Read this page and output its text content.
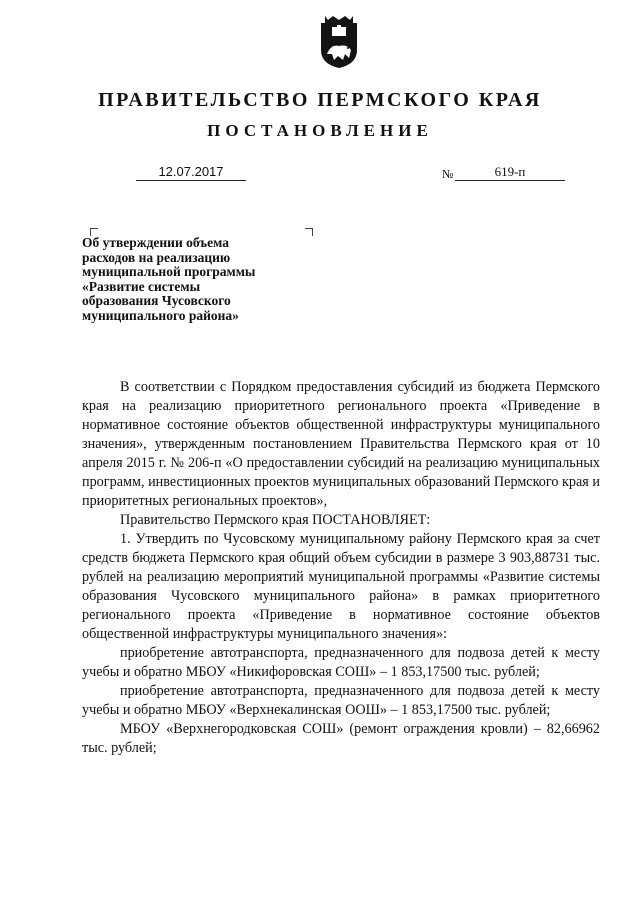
ПРАВИТЕЛЬСТВО ПЕРМСКОГО КРАЯ
ПОСТАНОВЛЕНИЕ
12.07.2017	№	619-п

Об утверждении объема
расходов на реализацию
муниципальной программы
«Развитие системы
образования Чусовского
муниципального района»

В соответствии с Порядком предоставления субсидий из бюджета Пермского края на реализацию приоритетного регионального проекта «Приведение в нормативное состояние объектов общественной инфраструктуры муниципального значения», утвержденным постановлением Правительства Пермского края от 10 апреля 2015 г. № 206-п «О предоставлении субсидий на реализацию муниципальных программ, инвестиционных проектов муниципальных образований Пермского края и приоритетных региональных проектов»,

Правительство Пермского края ПОСТАНОВЛЯЕТ:

1. Утвердить по Чусовскому муниципальному району Пермского края за счет средств бюджета Пермского края общий объем субсидии в размере 3 903,88731 тыс. рублей на реализацию мероприятий муниципальной программы «Развитие системы образования Чусовского муниципального района» в рамках приоритетного регионального проекта «Приведение в нормативное состояние объектов общественной инфраструктуры муниципального значения»:

приобретение автотранспорта, предназначенного для подвоза детей к месту учебы и обратно МБОУ «Никифоровская СОШ» – 1 853,17500 тыс. рублей;

приобретение автотранспорта, предназначенного для подвоза детей к месту учебы и обратно МБОУ «Верхнекалинская ООШ» – 1 853,17500 тыс. рублей;

МБОУ «Верхнегородковская СОШ» (ремонт ограждения кровли) – 82,66962 тыс. рублей;
